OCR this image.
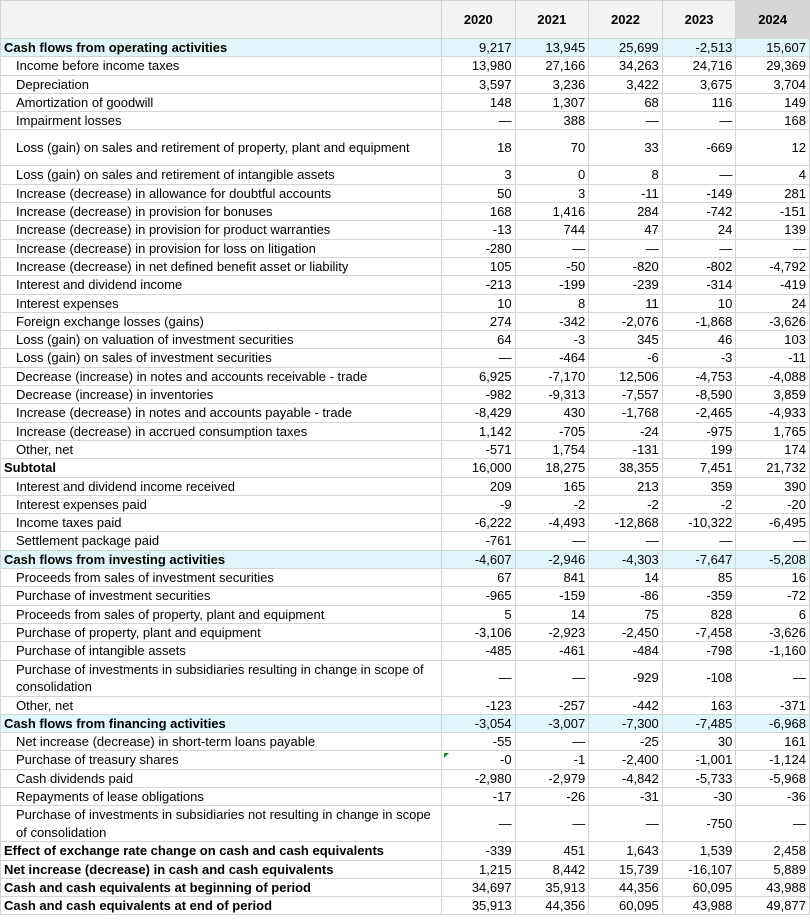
	2020	2021	2022	2023	2024
Cash flows from operating activities	9,217	13,945	25,699	-2,513	15,607
Income before income taxes	13,980	27,166	34,263	24,716	29,369
Depreciation	3,597	3,236	3,422	3,675	3,704
Amortization of goodwill	148	1,307	68	116	149
Impairment losses	—	388	—	—	168
Loss (gain) on sales and retirement of property, plant and equipment	18	70	33	-669	12
Loss (gain) on sales and retirement of intangible assets	3	0	8	—	4
Increase (decrease) in allowance for doubtful accounts	50	3	-11	-149	281
Increase (decrease) in provision for bonuses	168	1,416	284	-742	-151
Increase (decrease) in provision for product warranties	-13	744	47	24	139
Increase (decrease) in provision for loss on litigation	-280	—	—	—	—
Increase (decrease) in net defined benefit asset or liability	105	-50	-820	-802	-4,792
Interest and dividend income	-213	-199	-239	-314	-419
Interest expenses	10	8	11	10	24
Foreign exchange losses (gains)	274	-342	-2,076	-1,868	-3,626
Loss (gain) on valuation of investment securities	64	-3	345	46	103
Loss (gain) on sales of investment securities	—	-464	-6	-3	-11
Decrease (increase) in notes and accounts receivable - trade	6,925	-7,170	12,506	-4,753	-4,088
Decrease (increase) in inventories	-982	-9,313	-7,557	-8,590	3,859
Increase (decrease) in notes and accounts payable - trade	-8,429	430	-1,768	-2,465	-4,933
Increase (decrease) in accrued consumption taxes	1,142	-705	-24	-975	1,765
Other, net	-571	1,754	-131	199	174
Subtotal	16,000	18,275	38,355	7,451	21,732
Interest and dividend income received	209	165	213	359	390
Interest expenses paid	-9	-2	-2	-2	-20
Income taxes paid	-6,222	-4,493	-12,868	-10,322	-6,495
Settlement package paid	-761	—	—	—	—
Cash flows from investing activities	-4,607	-2,946	-4,303	-7,647	-5,208
Proceeds from sales of investment securities	67	841	14	85	16
Purchase of investment securities	-965	-159	-86	-359	-72
Proceeds from sales of property, plant and equipment	5	14	75	828	6
Purchase of property, plant and equipment	-3,106	-2,923	-2,450	-7,458	-3,626
Purchase of intangible assets	-485	-461	-484	-798	-1,160
Purchase of investments in subsidiaries resulting in change in scope of consolidation	—	—	-929	-108	—
Other, net	-123	-257	-442	163	-371
Cash flows from financing activities	-3,054	-3,007	-7,300	-7,485	-6,968
Net increase (decrease) in short-term loans payable	-55	—	-25	30	161
Purchase of treasury shares	-0	-1	-2,400	-1,001	-1,124
Cash dividends paid	-2,980	-2,979	-4,842	-5,733	-5,968
Repayments of lease obligations	-17	-26	-31	-30	-36
Purchase of investments in subsidiaries not resulting in change in scope of consolidation	—	—	—	-750	—
Effect of exchange rate change on cash and cash equivalents	-339	451	1,643	1,539	2,458
Net increase (decrease) in cash and cash equivalents	1,215	8,442	15,739	-16,107	5,889
Cash and cash equivalents at beginning of period	34,697	35,913	44,356	60,095	43,988
Cash and cash equivalents at end of period	35,913	44,356	60,095	43,988	49,877
